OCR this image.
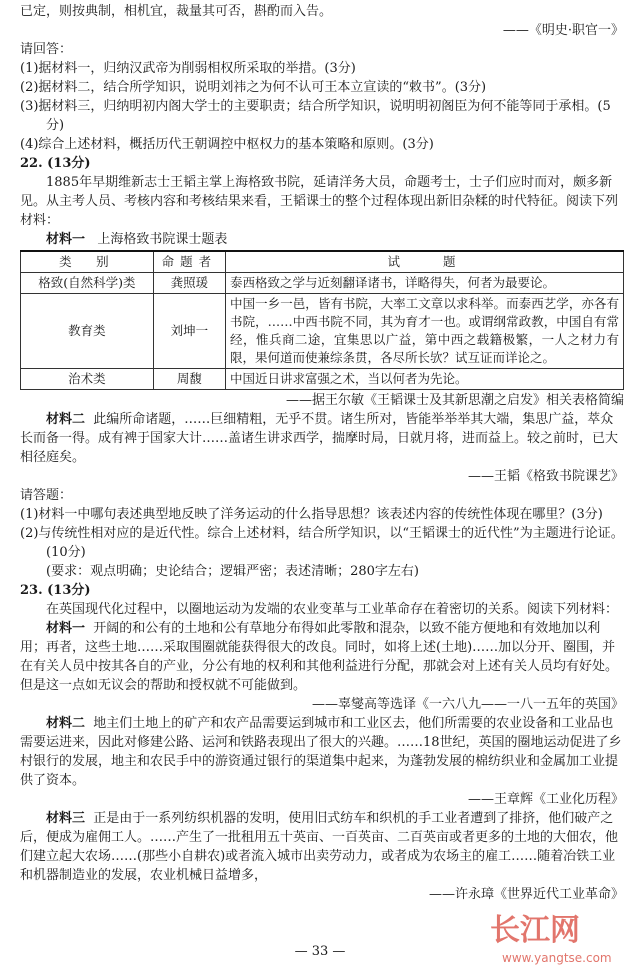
已定，则按典制，相机宜，裁量其可否，斟酌而入告。

——《明史·职官一》

请回答：

(1)据材料一，归纳汉武帝为削弱相权所采取的举措。(3分)

(2)据材料二，结合所学知识，说明刘祎之为何不认可王本立宣读的“敕书”。(3分)

(3)据材料三，归纳明初内阁大学士的主要职责；结合所学知识，说明明初阁臣为何不能等同于承相。(5分)

(4)综合上述材料，概括历代王朝调控中枢权力的基本策略和原则。(3分)

22. (13分)

1885年早期维新志士王韬主掌上海格致书院，延请洋务大员，命题考士，士子们应时而对，颇多新见。从主考人员、考核内容和考核结果来看，王韬课士的整个过程体现出新旧杂糅的时代特征。阅读下列材料：

材料一 上海格致书院课士题表

类　别	命题者	试　　题
格致(自然科学)类	龚照瑗	泰西格致之学与近刻翻译诸书，详略得失，何者为最要论。
教育类	刘坤一	中国一乡一邑，皆有书院，大率工文章以求科举。而泰西艺学，亦各有书院，……中西书院不同，其为育才一也。或谓纲常政教，中国自有常经，惟兵商二途，宜集思以广益，第中西之载籍极繁，一人之材力有限，果何道而使兼综条贯，各尽所长欤？试互证而详论之。
治术类	周馥	中国近日讲求富强之术，当以何者为先论。

——据王尔敏《王韬课士及其新思潮之启发》相关表格简编

材料二 此编所命诸题，……巨细精粗，无乎不贯。诸生所对，皆能举举举其大端，集思广益，萃众长而备一得。成有裨于国家大计……盖诸生讲求西学，揣摩时局，日就月将，进而益上。较之前时，已大相径庭矣。

——王韬《格致书院课艺》

请答题：

(1)材料一中哪句表述典型地反映了洋务运动的什么指导思想？该表述内容的传统性体现在哪里？(3分)

(2)与传统性相对应的是近代性。综合上述材料，结合所学知识，以“王韬课士的近代性”为主题进行论证。(10分)

(要求：观点明确；史论结合；逻辑严密；表述清晰；280字左右)

23. (13分)

在英国现代化过程中，以圈地运动为发端的农业变革与工业革命存在着密切的关系。阅读下列材料：

材料一 开阔的和公有的土地和公有草地分布得如此零散和混杂，以致不能方便地和有效地加以利用；再者，这些土地……采取围圈就能获得很大的改良。同时，如将上述(土地)……加以分开、圈围，并在有关人员中按其各自的产业，分公有地的权利和其他利益进行分配，那就会对上述有关人员均有好处。但是这一点如无议会的帮助和授权就不可能做到。

——辜燮高等选译《一六八九——一八一五年的英国》

材料二 地主们土地上的矿产和农产品需要运到城市和工业区去，他们所需要的农业设备和工业品也需要运进来，因此对修建公路、运河和铁路表现出了很大的兴趣。……18世纪，英国的圈地运动促进了乡村银行的发展，地主和农民手中的游资通过银行的渠道集中起来，为蓬勃发展的棉纺织业和金属加工业提供了资本。

——王章辉《工业化历程》

材料三 正是由于一系列纺织机器的发明，使用旧式纺车和织机的手工业者遭到了排挤，他们破产之后，便成为雇佣工人。……产生了一批租用五十英亩、一百英亩、二百英亩或者更多的土地的大佃农，他们建立起大农场……(那些小自耕农)或者流入城市出卖劳动力，或者成为农场主的雇工……随着冶铁工业和机器制造业的发展，农业机械日益增多，

——许永璋《世界近代工业革命》

— 33 —
长江网
www.yangtse.com
